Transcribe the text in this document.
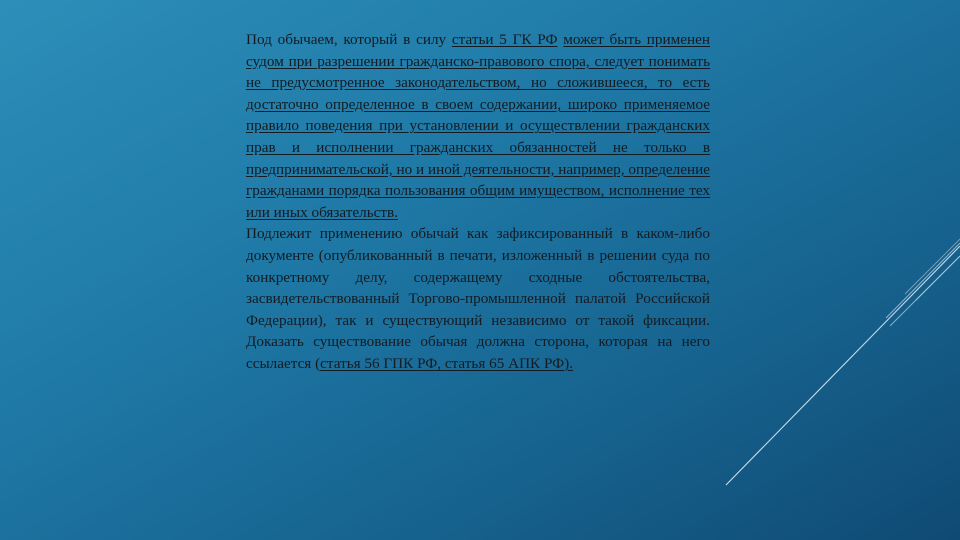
Под обычаем, который в силу статьи 5 ГК РФ может быть применен судом при разрешении гражданско-правового спора, следует понимать не предусмотренное законодательством, но сложившееся, то есть достаточно определенное в своем содержании, широко применяемое правило поведения при установлении и осуществлении гражданских прав и исполнении гражданских обязанностей не только в предпринимательской, но и иной деятельности, например, определение гражданами порядка пользования общим имуществом, исполнение тех или иных обязательств.
Подлежит применению обычай как зафиксированный в каком-либо документе (опубликованный в печати, изложенный в решении суда по конкретному делу, содержащему сходные обстоятельства, засвидетельствованный Торгово-промышленной палатой Российской Федерации), так и существующий независимо от такой фиксации. Доказать существование обычая должна сторона, которая на него ссылается (статья 56 ГПК РФ, статья 65 АПК РФ).
